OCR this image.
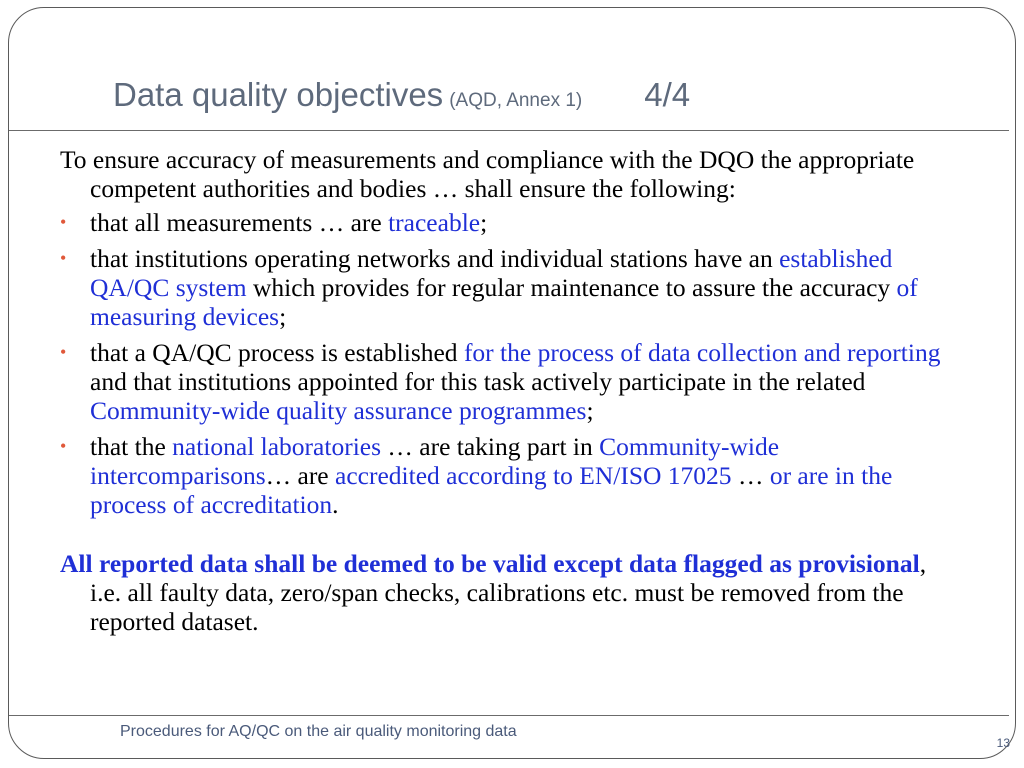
Data quality objectives (AQD, Annex 1) 4/4

To ensure accuracy of measurements and compliance with the DQO the appropriate competent authorities and bodies … shall ensure the following:

• that all measurements … are traceable;
• that institutions operating networks and individual stations have an established QA/QC system which provides for regular maintenance to assure the accuracy of measuring devices;
• that a QA/QC process is established for the process of data collection and reporting and that institutions appointed for this task actively participate in the related Community-wide quality assurance programmes;
• that the national laboratories … are taking part in Community-wide intercomparisons… are accredited according to EN/ISO 17025 … or are in the process of accreditation.

All reported data shall be deemed to be valid except data flagged as provisional, i.e. all faulty data, zero/span checks, calibrations etc. must be removed from the reported dataset.

Procedures for AQ/QC on the air quality monitoring data
13
